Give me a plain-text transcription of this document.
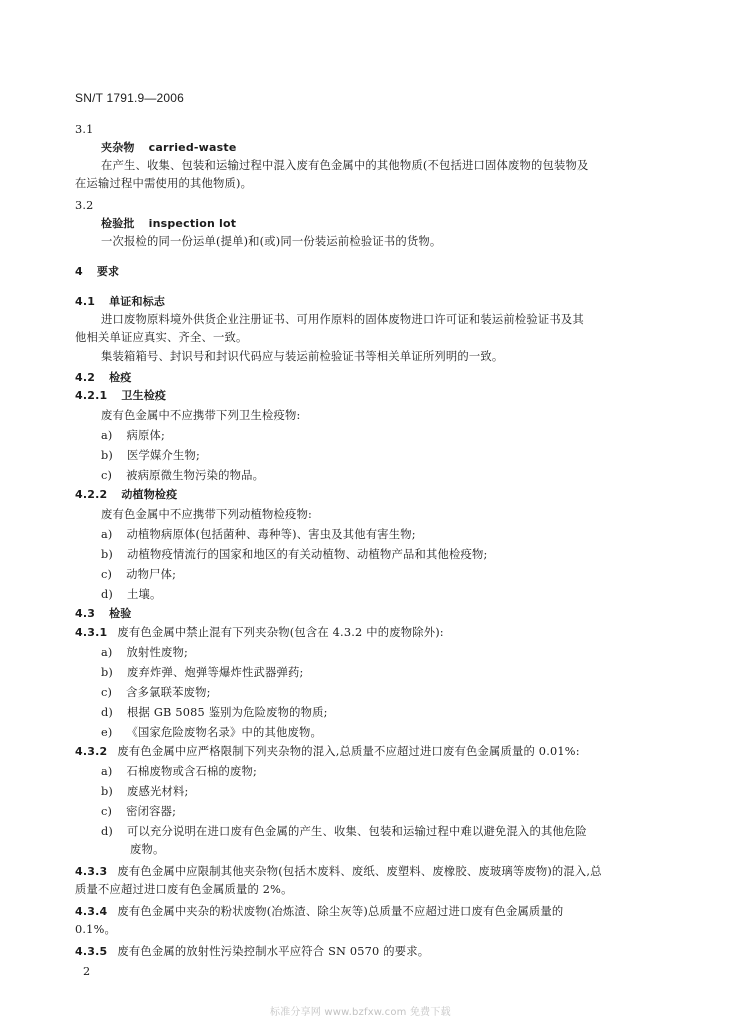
SN/T 1791.9—2006
3.1
夹杂物 carried-waste
在产生、收集、包装和运输过程中混入废有色金属中的其他物质(不包括进口固体废物的包装物及
在运输过程中需使用的其他物质)。
3.2
检验批 inspection lot
一次报检的同一份运单(提单)和(或)同一份装运前检验证书的货物。
4 要求
4.1 单证和标志
进口废物原料境外供货企业注册证书、可用作原料的固体废物进口许可证和装运前检验证书及其
他相关单证应真实、齐全、一致。
集装箱箱号、封识号和封识代码应与装运前检验证书等相关单证所列明的一致。
4.2 检疫
4.2.1 卫生检疫
废有色金属中不应携带下列卫生检疫物:
a) 病原体;
b) 医学媒介生物;
c) 被病原微生物污染的物品。
4.2.2 动植物检疫
废有色金属中不应携带下列动植物检疫物:
a) 动植物病原体(包括菌种、毒种等)、害虫及其他有害生物;
b) 动植物疫情流行的国家和地区的有关动植物、动植物产品和其他检疫物;
c) 动物尸体;
d) 土壤。
4.3 检验
4.3.1 废有色金属中禁止混有下列夹杂物(包含在 4.3.2 中的废物除外):
a) 放射性废物;
b) 废弃炸弹、炮弹等爆炸性武器弹药;
c) 含多氯联苯废物;
d) 根据 GB 5085 鉴别为危险废物的物质;
e) 《国家危险废物名录》中的其他废物。
4.3.2 废有色金属中应严格限制下列夹杂物的混入,总质量不应超过进口废有色金属质量的 0.01%:
a) 石棉废物或含石棉的废物;
b) 废感光材料;
c) 密闭容器;
d) 可以充分说明在进口废有色金属的产生、收集、包装和运输过程中难以避免混入的其他危险
废物。
4.3.3 废有色金属中应限制其他夹杂物(包括木废料、废纸、废塑料、废橡胶、废玻璃等废物)的混入,总
质量不应超过进口废有色金属质量的 2%。
4.3.4 废有色金属中夹杂的粉状废物(冶炼渣、除尘灰等)总质量不应超过进口废有色金属质量的
0.1%。
4.3.5 废有色金属的放射性污染控制水平应符合 SN 0570 的要求。
2
标准分享网 www.bzfxw.com 免费下载
